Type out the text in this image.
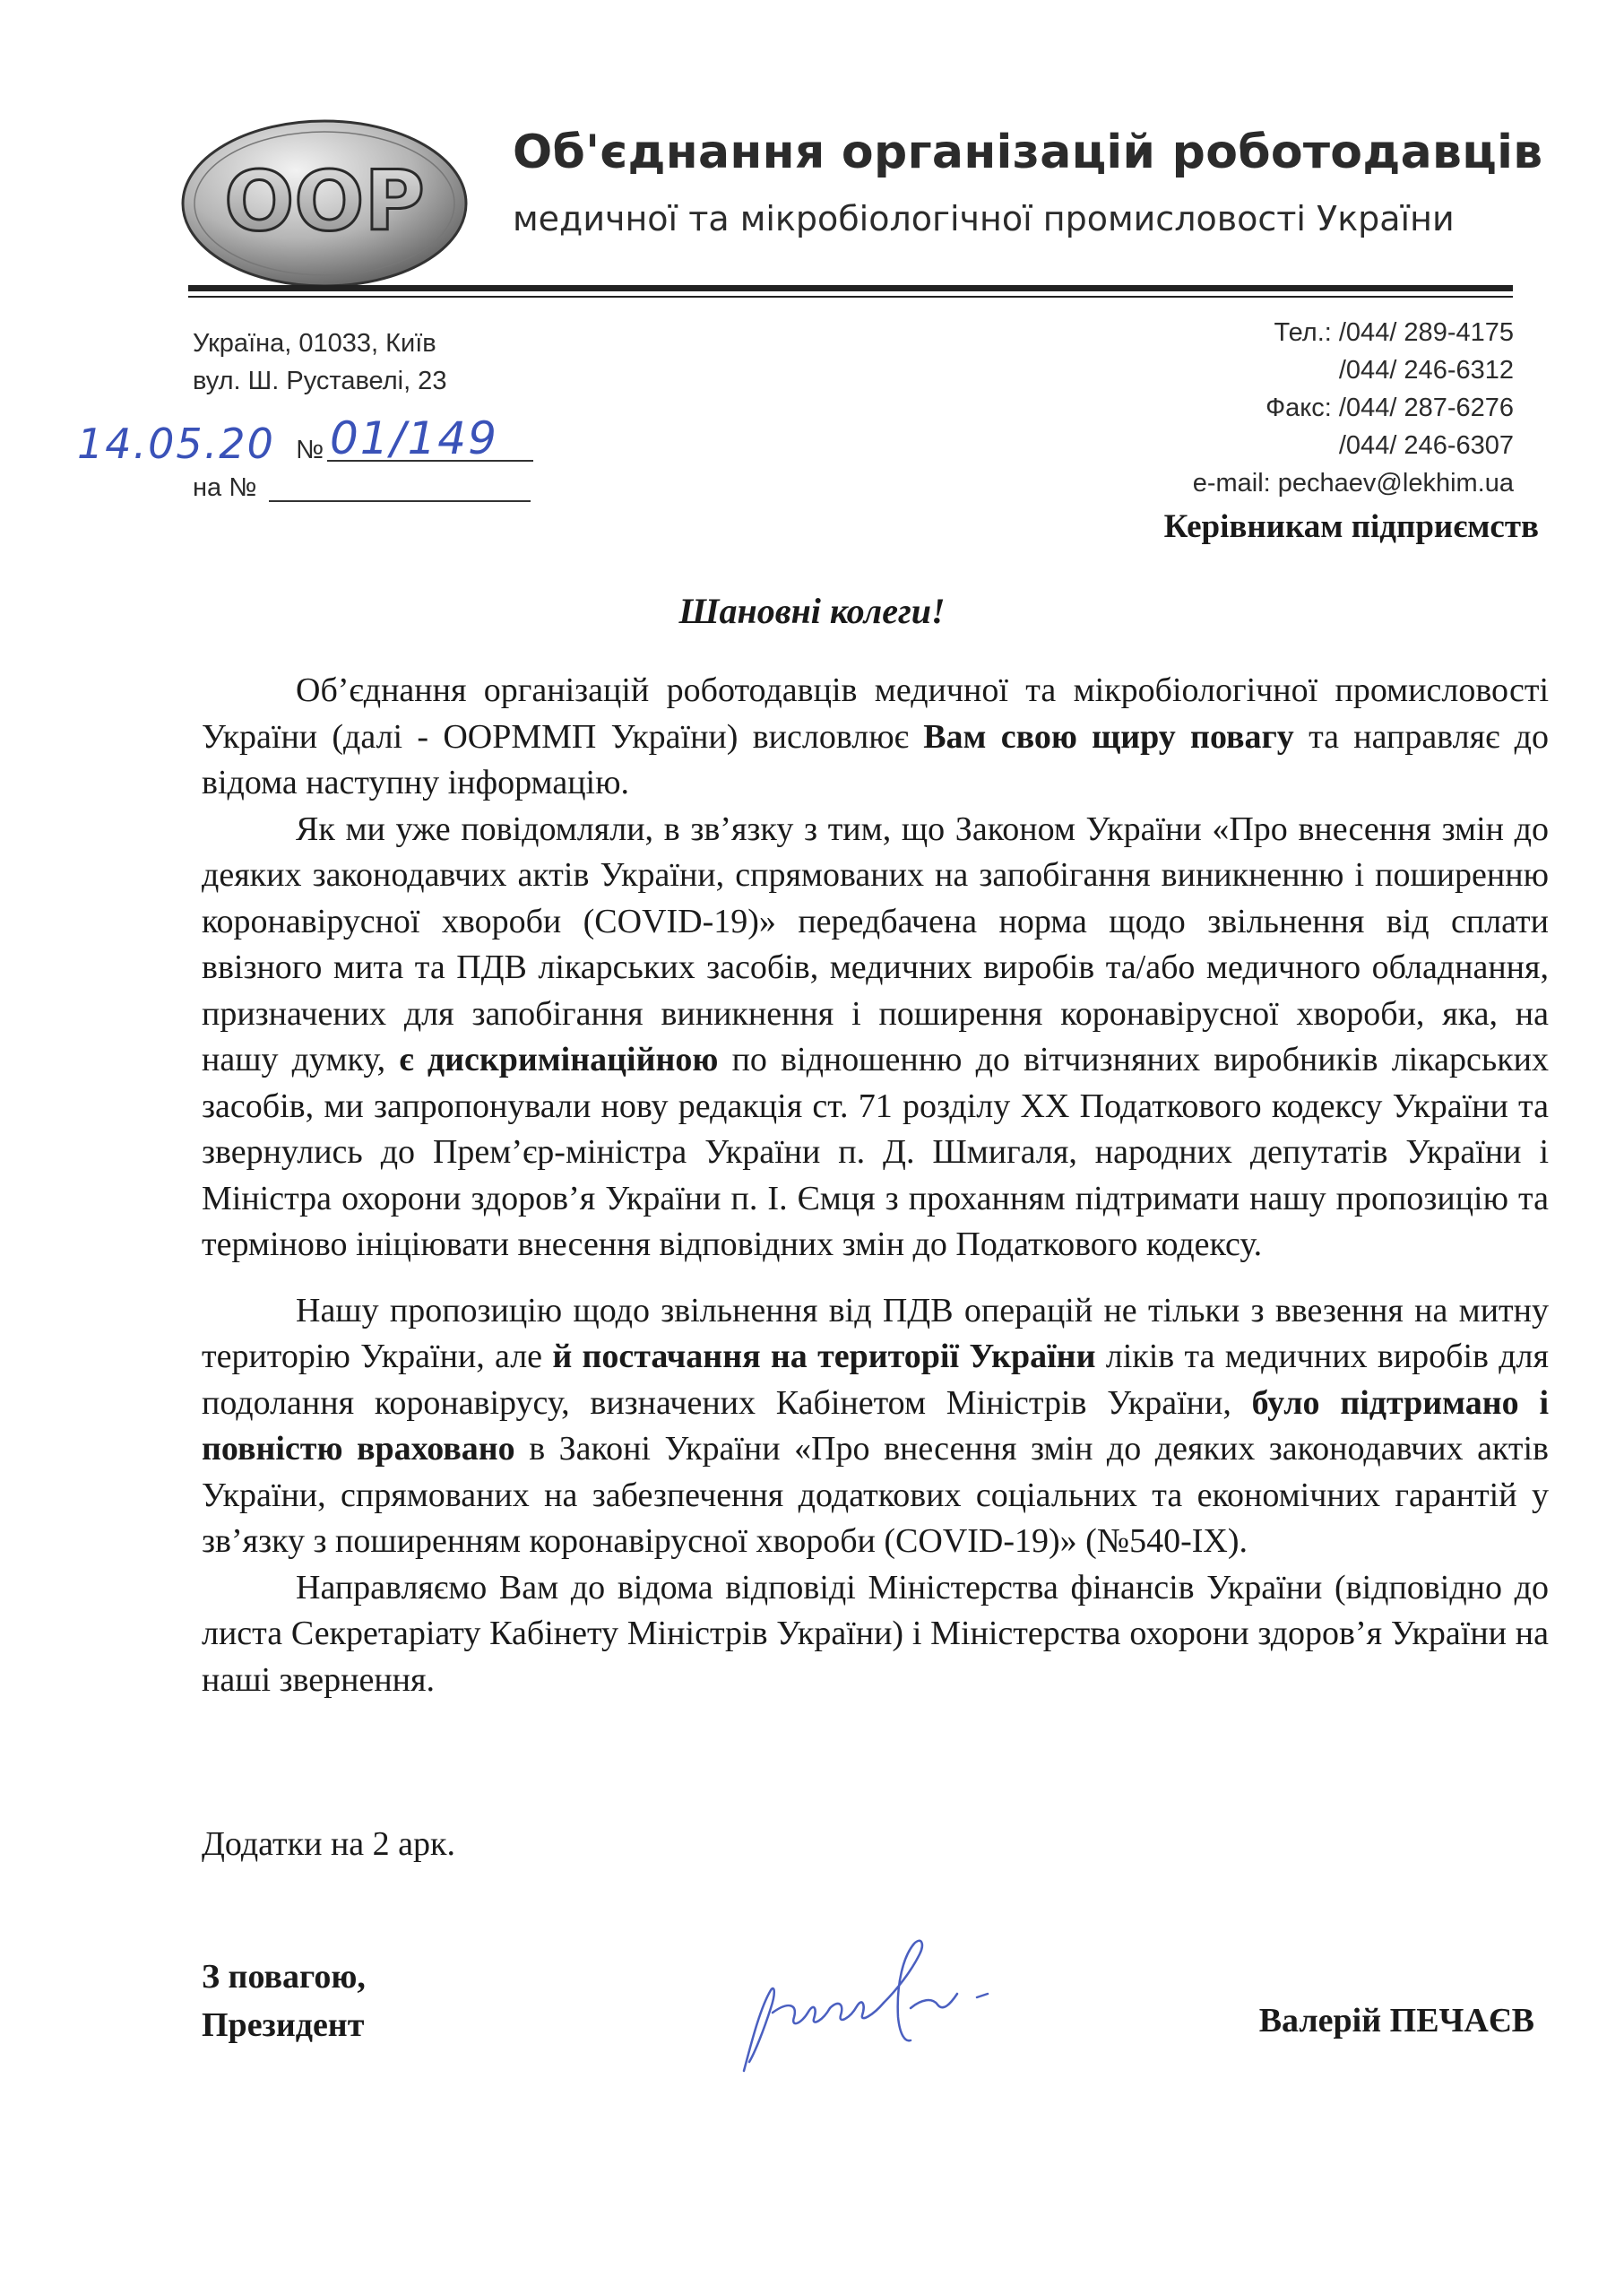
ООР
Об'єднання організацій роботодавців
медичної та мікробіологічної промисловості України
Україна, 01033, Київ
вул. Ш. Руставелі, 23
14.05.20 № 01/149
на №
Тел.: /044/ 289-4175
/044/ 246-6312
Факс: /044/ 287-6276
/044/ 246-6307
e-mail: pechaev@lekhim.ua
Керівникам підприємств
Шановні колеги!

Об’єднання організацій роботодавців медичної та мікробіологічної промисловості України (далі - ООРММП України) висловлює Вам свою щиру повагу та направляє до відома наступну інформацію.

Як ми уже повідомляли, в зв’язку з тим, що Законом України «Про внесення змін до деяких законодавчих актів України, спрямованих на запобігання виникненню і поширенню коронавірусної хвороби (COVID-19)» передбачена норма щодо звільнення від сплати ввізного мита та ПДВ лікарських засобів, медичних виробів та/або медичного обладнання, призначених для запобігання виникнення і поширення коронавірусної хвороби, яка, на нашу думку, є дискримінаційною по відношенню до вітчизняних виробників лікарських засобів, ми запропонували нову редакція ст. 71 розділу XX Податкового кодексу України та звернулись до Прем’єр-міністра України п. Д. Шмигаля, народних депутатів України і Міністра охорони здоров’я України п. І. Ємця з проханням підтримати нашу пропозицію та терміново ініціювати внесення відповідних змін до Податкового кодексу.

Нашу пропозицію щодо звільнення від ПДВ операцій не тільки з ввезення на митну територію України, але й постачання на території України ліків та медичних виробів для подолання коронавірусу, визначених Кабінетом Міністрів України, було підтримано і повністю враховано в Законі України «Про внесення змін до деяких законодавчих актів України, спрямованих на забезпечення додаткових соціальних та економічних гарантій у зв’язку з поширенням коронавірусної хвороби (COVID-19)» (№540-IX).

Направляємо Вам до відома відповіді Міністерства фінансів України (відповідно до листа Секретаріату Кабінету Міністрів України) і Міністерства охорони здоров’я України на наші звернення.

Додатки на 2 арк.
З повагою,
Президент	Валерій ПЕЧАЄВ
